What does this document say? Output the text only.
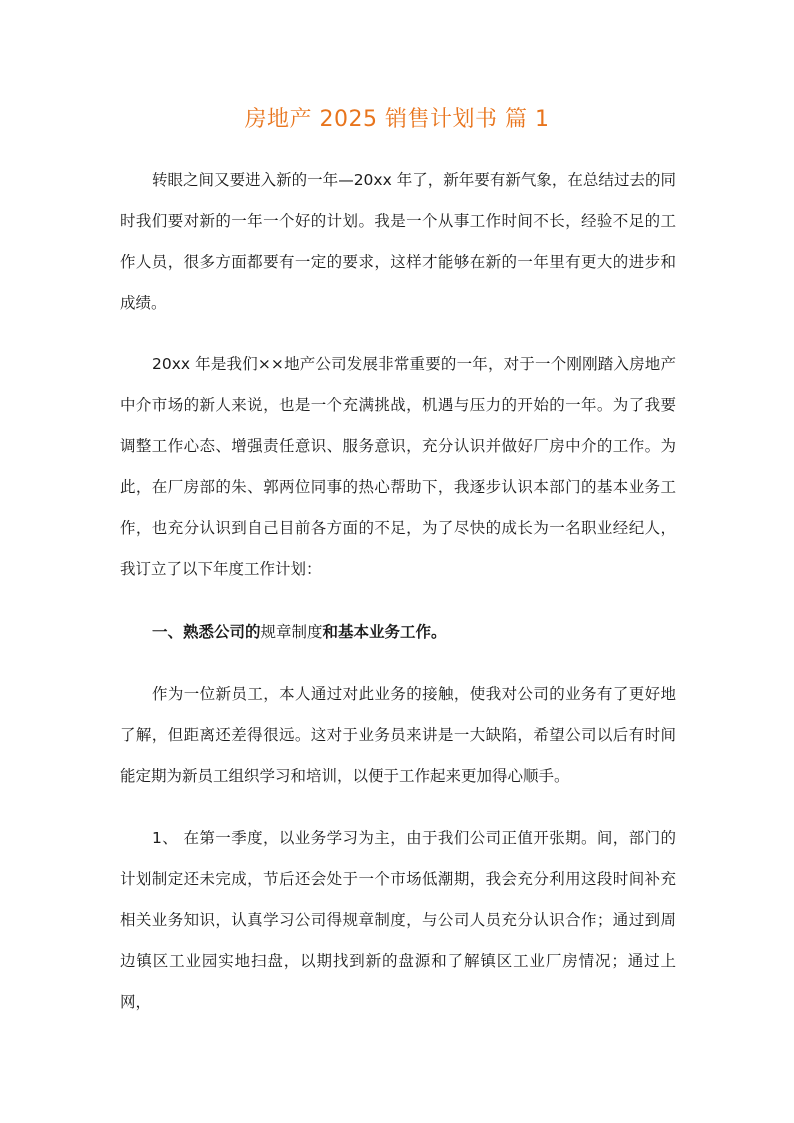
房地产 2025 销售计划书 篇 1

转眼之间又要进入新的一年—20xx 年了，新年要有新气象，在总结过去的同时我们要对新的一年一个好的计划。我是一个从事工作时间不长，经验不足的工作人员，很多方面都要有一定的要求，这样才能够在新的一年里有更大的进步和成绩。

20xx 年是我们××地产公司发展非常重要的一年，对于一个刚刚踏入房地产中介市场的新人来说，也是一个充满挑战，机遇与压力的开始的一年。为了我要调整工作心态、增强责任意识、服务意识，充分认识并做好厂房中介的工作。为此，在厂房部的朱、郭两位同事的热心帮助下，我逐步认识本部门的基本业务工作，也充分认识到自己目前各方面的不足，为了尽快的成长为一名职业经纪人，我订立了以下年度工作计划：

一、熟悉公司的规章制度和基本业务工作。

作为一位新员工，本人通过对此业务的接触，使我对公司的业务有了更好地了解，但距离还差得很远。这对于业务员来讲是一大缺陷，希望公司以后有时间能定期为新员工组织学习和培训，以便于工作起来更加得心顺手。

1、 在第一季度，以业务学习为主，由于我们公司正值开张期。间，部门的计划制定还未完成，节后还会处于一个市场低潮期，我会充分利用这段时间补充相关业务知识，认真学习公司得规章制度，与公司人员充分认识合作；通过到周边镇区工业园实地扫盘，以期找到新的盘源和了解镇区工业厂房情况；通过上网，
